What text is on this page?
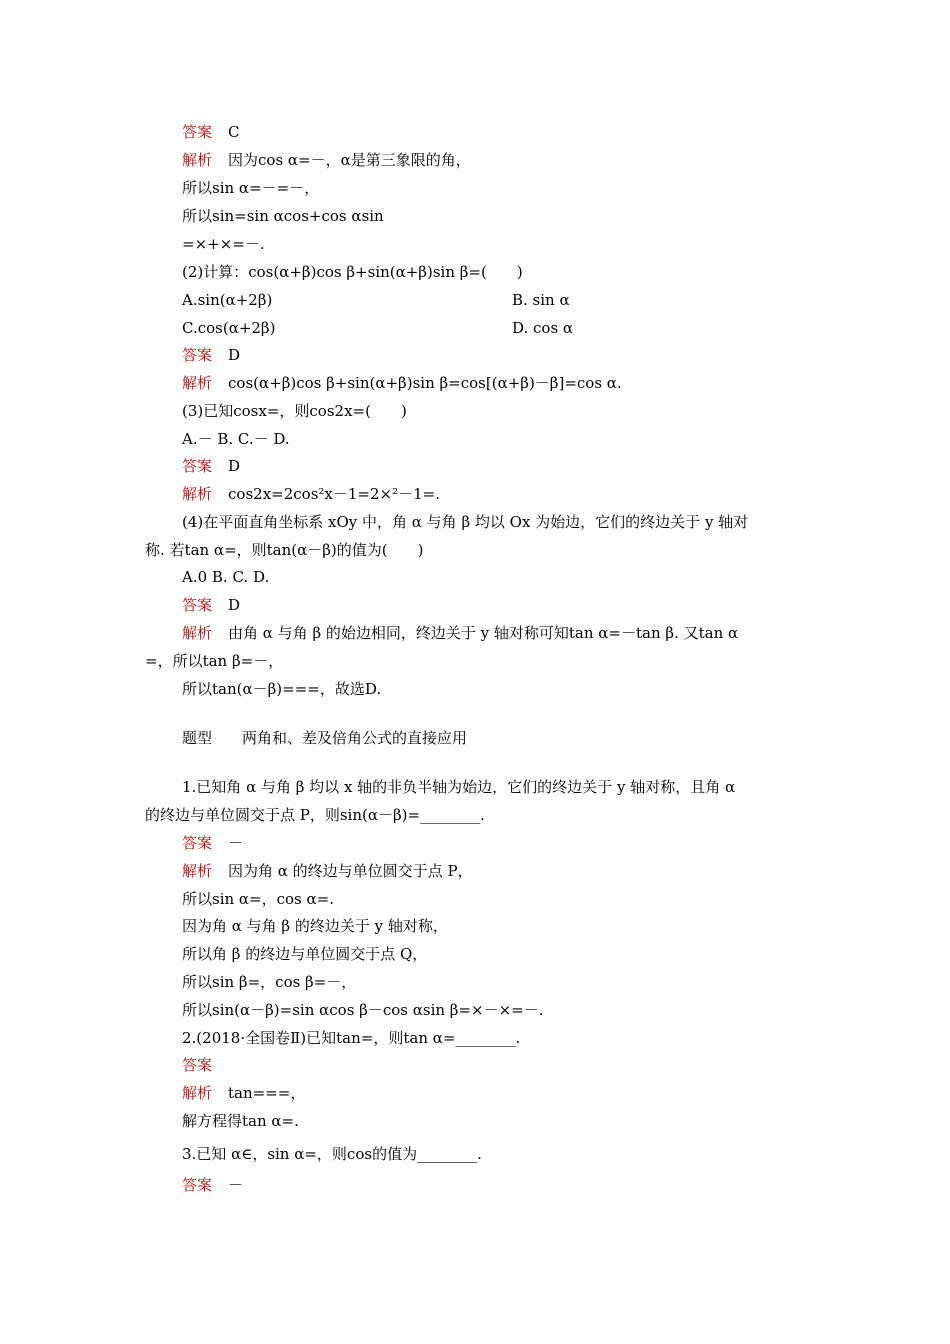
答案 C
解析 因为cos α=－，α是第三象限的角，
所以sin α=－=－，
所以sin=sin αcos+cos αsin
=×+×=－.
(2)计算：cos(α+β)cos β+sin(α+β)sin β=(　　)
A.sin(α+2β)	B. sin α
C.cos(α+2β)	D. cos α
答案 D
解析 cos(α+β)cos β+sin(α+β)sin β=cos[(α+β)－β]=cos α.
(3)已知cosx=，则cos2x=(　　)
A.－ B. C.－ D.
答案 D
解析 cos2x=2cos²x－1=2×²－1=.
(4)在平面直角坐标系 xOy 中，角 α 与角 β 均以 Ox 为始边，它们的终边关于 y 轴对
称. 若tan α=，则tan(α－β)的值为(　　)
A.0 B. C. D.
答案 D
解析 由角 α 与角 β 的始边相同，终边关于 y 轴对称可知tan α=－tan β. 又tan α
=，所以tan β=－，
所以tan(α－β)===，故选D.
题型　　两角和、差及倍角公式的直接应用
1.已知角 α 与角 β 均以 x 轴的非负半轴为始边，它们的终边关于 y 轴对称，且角 α
的终边与单位圆交于点 P，则sin(α－β)=________.
答案 －
解析 因为角 α 的终边与单位圆交于点 P，
所以sin α=，cos α=.
因为角 α 与角 β 的终边关于 y 轴对称，
所以角 β 的终边与单位圆交于点 Q，
所以sin β=，cos β=－，
所以sin(α－β)=sin αcos β－cos αsin β=×－×=－.
2.(2018·全国卷Ⅱ)已知tan=，则tan α=________.
答案
解析 tan===，
解方程得tan α=.
3.已知 α∈，sin α=，则cos的值为________.
答案 －
